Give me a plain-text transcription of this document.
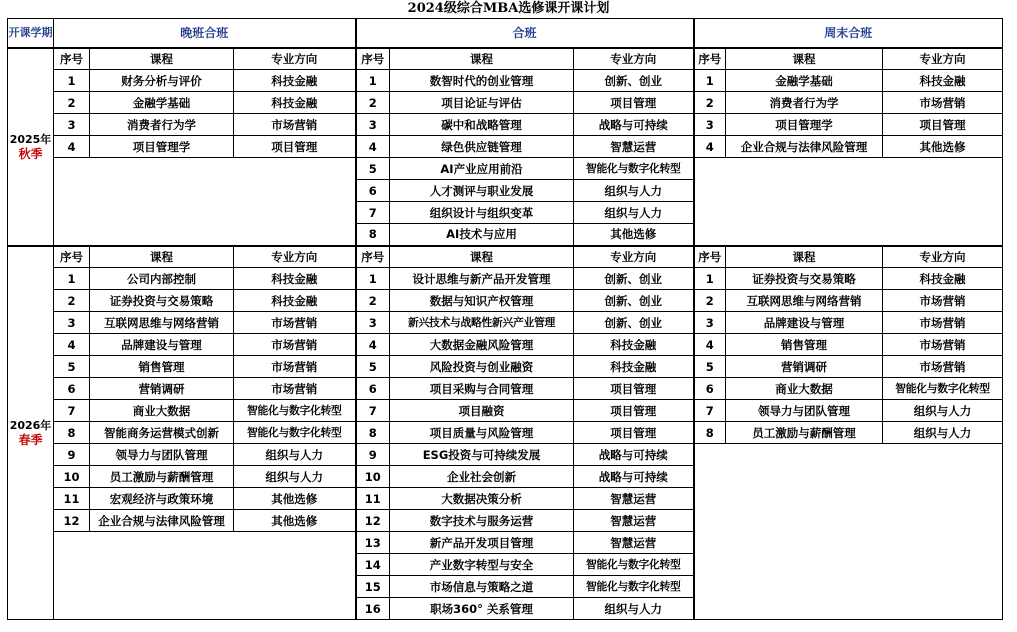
2024级综合MBA选修课开课计划
开课学期	晚班合班			合班			周末合班		

2025年
秋季	序号	课程	专业方向	序号	课程	专业方向	序号	课程	专业方向
	1	财务分析与评价	科技金融	1	数智时代的创业管理	创新、创业	1	金融学基础	科技金融
	2	金融学基础	科技金融	2	项目论证与评估	项目管理	2	消费者行为学	市场营销
	3	消费者行为学	市场营销	3	碳中和战略管理	战略与可持续	3	项目管理学	项目管理
	4	项目管理学	项目管理	4	绿色供应链管理	智慧运营	4	企业合规与法律风险管理	其他选修
				5	AI产业应用前沿	智能化与数字化转型			
				6	人才测评与职业发展	组织与人力			
				7	组织设计与组织变革	组织与人力			
				8	AI技术与应用	其他选修			

2026年
春季	序号	课程	专业方向	序号	课程	专业方向	序号	课程	专业方向
	1	公司内部控制	科技金融	1	设计思维与新产品开发管理	创新、创业	1	证券投资与交易策略	科技金融
	2	证券投资与交易策略	科技金融	2	数据与知识产权管理	创新、创业	2	互联网思维与网络营销	市场营销
	3	互联网思维与网络营销	市场营销	3	新兴技术与战略性新兴产业管理	创新、创业	3	品牌建设与管理	市场营销
	4	品牌建设与管理	市场营销	4	大数据金融风险管理	科技金融	4	销售管理	市场营销
	5	销售管理	市场营销	5	风险投资与创业融资	科技金融	5	营销调研	市场营销
	6	营销调研	市场营销	6	项目采购与合同管理	项目管理	6	商业大数据	智能化与数字化转型
	7	商业大数据	智能化与数字化转型	7	项目融资	项目管理	7	领导力与团队管理	组织与人力
	8	智能商务运营模式创新	智能化与数字化转型	8	项目质量与风险管理	项目管理	8	员工激励与薪酬管理	组织与人力
	9	领导力与团队管理	组织与人力	9	ESG投资与可持续发展	战略与可持续			
	10	员工激励与薪酬管理	组织与人力	10	企业社会创新	战略与可持续			
	11	宏观经济与政策环境	其他选修	11	大数据决策分析	智慧运营			
	12	企业合规与法律风险管理	其他选修	12	数字技术与服务运营	智慧运营			
				13	新产品开发项目管理	智慧运营			
				14	产业数字转型与安全	智能化与数字化转型			
				15	市场信息与策略之道	智能化与数字化转型			
				16	职场360° 关系管理	组织与人力			
